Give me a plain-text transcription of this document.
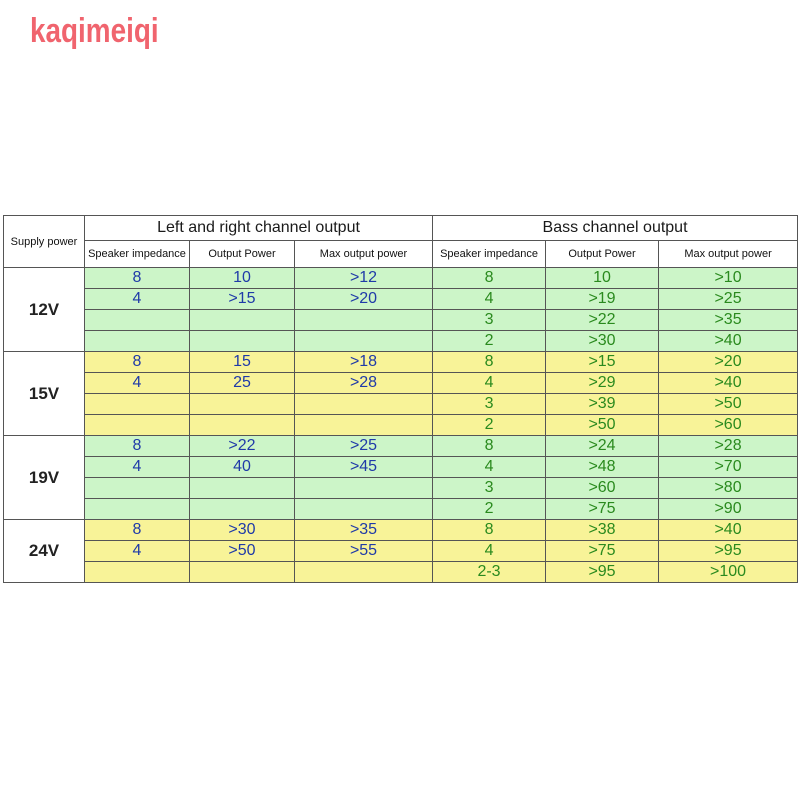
kaqimeiqi
Supply power	Left and right channel output			Bass channel output		
	Speaker impedance	Output Power	Max output power	Speaker impedance	Output Power	Max output power
12V	8	10	>12	8	10	>10
	4	>15	>20	4	>19	>25
				3	>22	>35
				2	>30	>40
15V	8	15	>18	8	>15	>20
	4	25	>28	4	>29	>40
				3	>39	>50
				2	>50	>60
19V	8	>22	>25	8	>24	>28
	4	40	>45	4	>48	>70
				3	>60	>80
				2	>75	>90
24V	8	>30	>35	8	>38	>40
	4	>50	>55	4	>75	>95
				2-3	>95	>100
